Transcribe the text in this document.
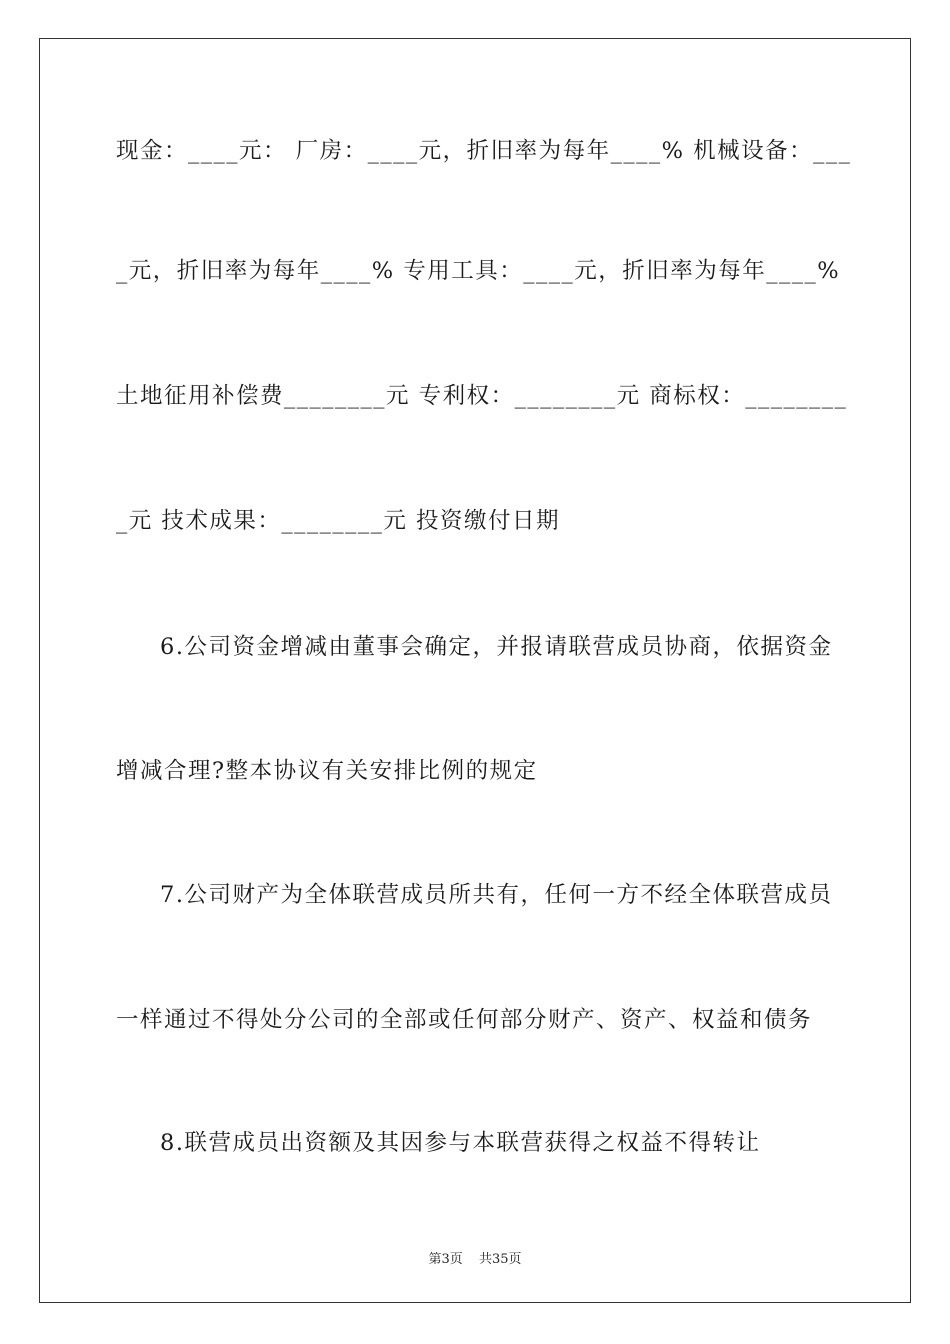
现金：____元： 厂房：____元，折旧率为每年____% 机械设备：___
_元，折旧率为每年____% 专用工具：____元，折旧率为每年____%
土地征用补偿费________元 专利权：________元 商标权：________
_元 技术成果：________元 投资缴付日期
6.公司资金增减由董事会确定，并报请联营成员协商，依据资金
增减合理?整本协议有关安排比例的规定
7.公司财产为全体联营成员所共有，任何一方不经全体联营成员
一样通过不得处分公司的全部或任何部分财产、资产、权益和债务
8.联营成员出资额及其因参与本联营获得之权益不得转让
第3页 共35页
